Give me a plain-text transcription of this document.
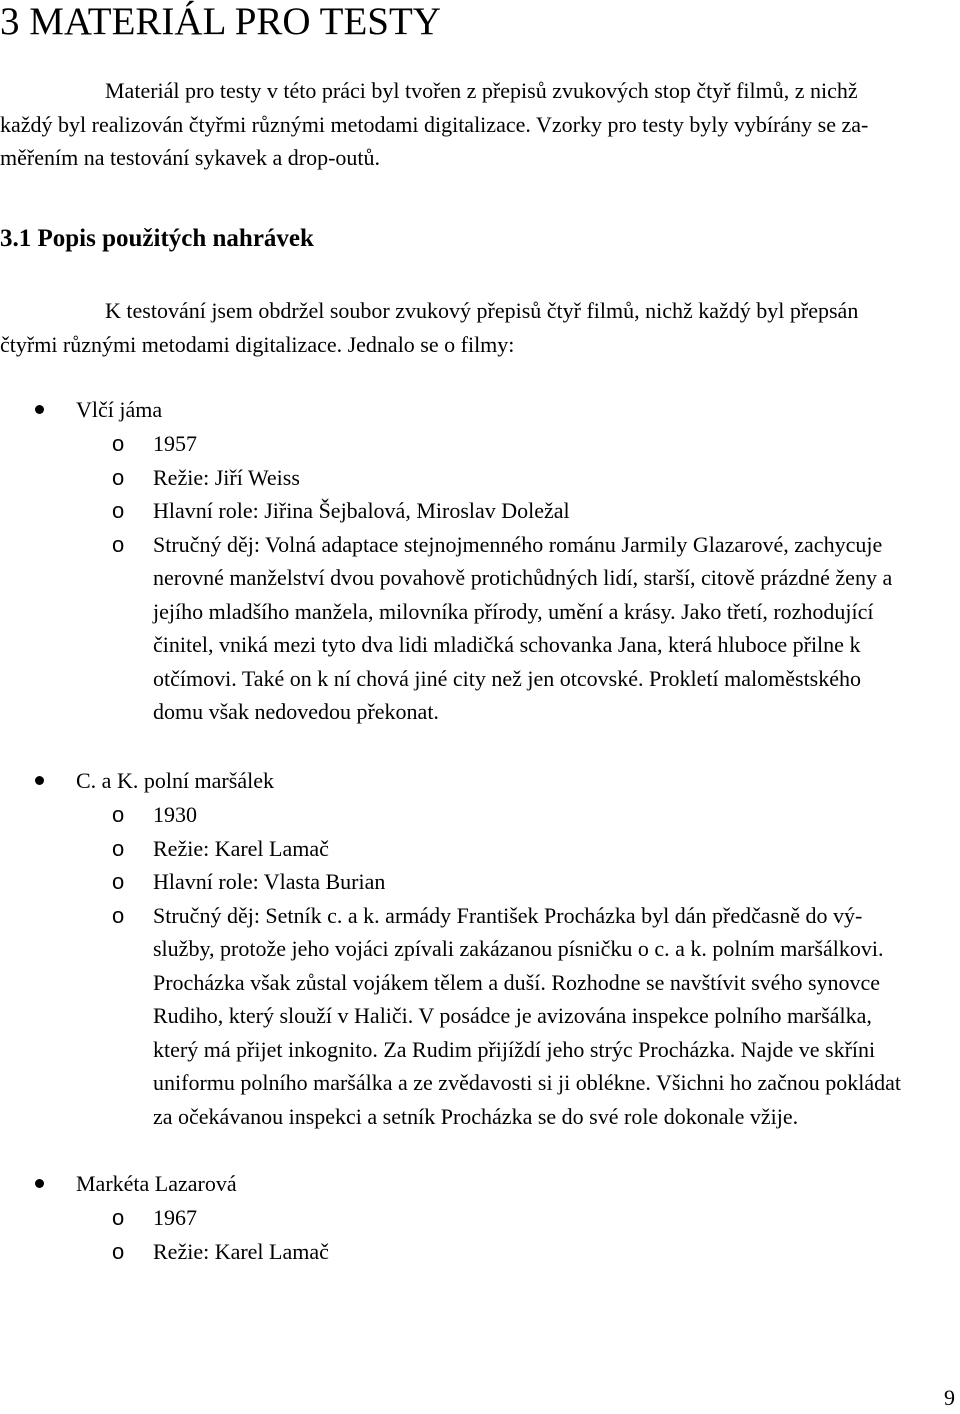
3 MATERIÁL PRO TESTY

Materiál pro testy v této práci byl tvořen z přepisů zvukových stop čtyř filmů, z nichž
každý byl realizován čtyřmi různými metodami digitalizace. Vzorky pro testy byly vybírány se za-
měřením na testování sykavek a drop-outů.

3.1 Popis použitých nahrávek

K testování jsem obdržel soubor zvukový přepisů čtyř filmů, nichž každý byl přepsán
čtyřmi různými metodami digitalizace. Jednalo se o filmy:

Vlčí jáma
o 1957
o Režie: Jiří Weiss
o Hlavní role: Jiřina Šejbalová, Miroslav Doležal
o Stručný děj: Volná adaptace stejnojmenného románu Jarmily Glazarové, zachycuje
nerovné manželství dvou povahově protichůdných lidí, starší, citově prázdné ženy a
jejího mladšího manžela, milovníka přírody, umění a krásy. Jako třetí, rozhodující
činitel, vniká mezi tyto dva lidi mladičká schovanka Jana, která hluboce přilne k
otčímovi. Také on k ní chová jiné city než jen otcovské. Prokletí maloměstského
domu však nedovedou překonat.
C. a K. polní maršálek
o 1930
o Režie: Karel Lamač
o Hlavní role: Vlasta Burian
o Stručný děj: Setník c. a k. armády František Procházka byl dán předčasně do vý-
služby, protože jeho vojáci zpívali zakázanou písničku o c. a k. polním maršálkovi.
Procházka však zůstal vojákem tělem a duší. Rozhodne se navštívit svého synovce
Rudiho, který slouží v Haliči. V posádce je avizována inspekce polního maršálka,
který má přijet inkognito. Za Rudim přijíždí jeho strýc Procházka. Najde ve skříni
uniformu polního maršálka a ze zvědavosti si ji oblékne. Všichni ho začnou pokládat
za očekávanou inspekci a setník Procházka se do své role dokonale vžije.
Markéta Lazarová
o 1967
o Režie: Karel Lamač
9
